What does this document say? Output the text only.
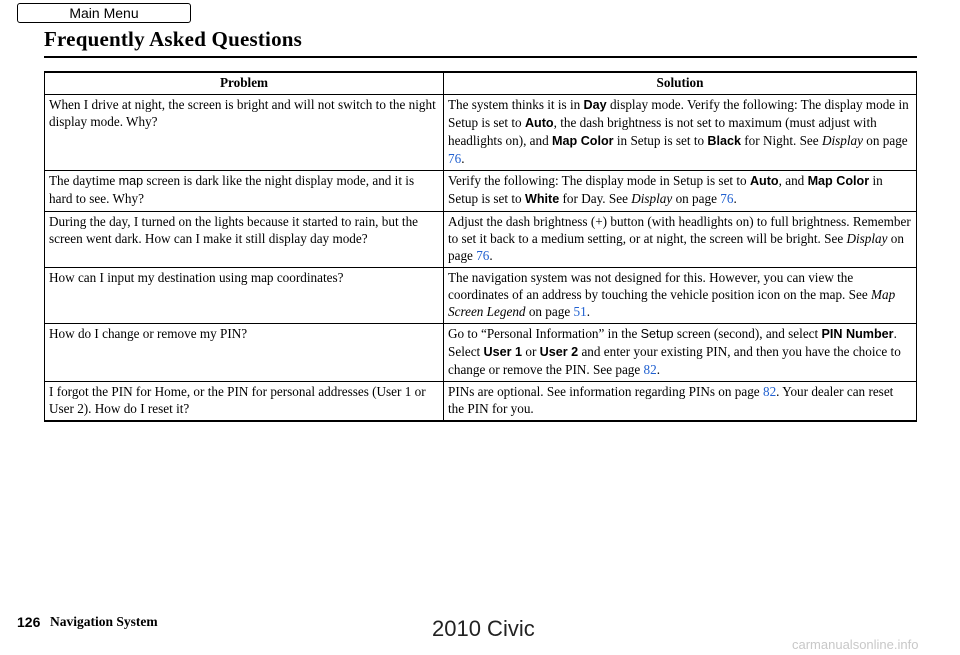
Main Menu
Frequently Asked Questions
Problem	Solution
When I drive at night, the screen is bright and will not switch to the night display mode. Why?	The system thinks it is in Day display mode. Verify the following: The display mode in Setup is set to Auto, the dash brightness is not set to maximum (must adjust with headlights on), and Map Color in Setup is set to Black for Night. See Display on page 76.
The daytime map screen is dark like the night display mode, and it is hard to see. Why?	Verify the following: The display mode in Setup is set to Auto, and Map Color in Setup is set to White for Day. See Display on page 76.
During the day, I turned on the lights because it started to rain, but the screen went dark. How can I make it still display day mode?	Adjust the dash brightness (+) button (with headlights on) to full brightness. Remember to set it back to a medium setting, or at night, the screen will be bright. See Display on page 76.
How can I input my destination using map coordinates?	The navigation system was not designed for this. However, you can view the coordinates of an address by touching the vehicle position icon on the map. See Map Screen Legend on page 51.
How do I change or remove my PIN?	Go to “Personal Information” in the Setup screen (second), and select PIN Number. Select User 1 or User 2 and enter your existing PIN, and then you have the choice to change or remove the PIN. See page 82.
I forgot the PIN for Home, or the PIN for personal addresses (User 1 or User 2). How do I reset it?	PINs are optional. See information regarding PINs on page 82. Your dealer can reset the PIN for you.
126 Navigation System	2010 Civic
carmanualsonline.info
